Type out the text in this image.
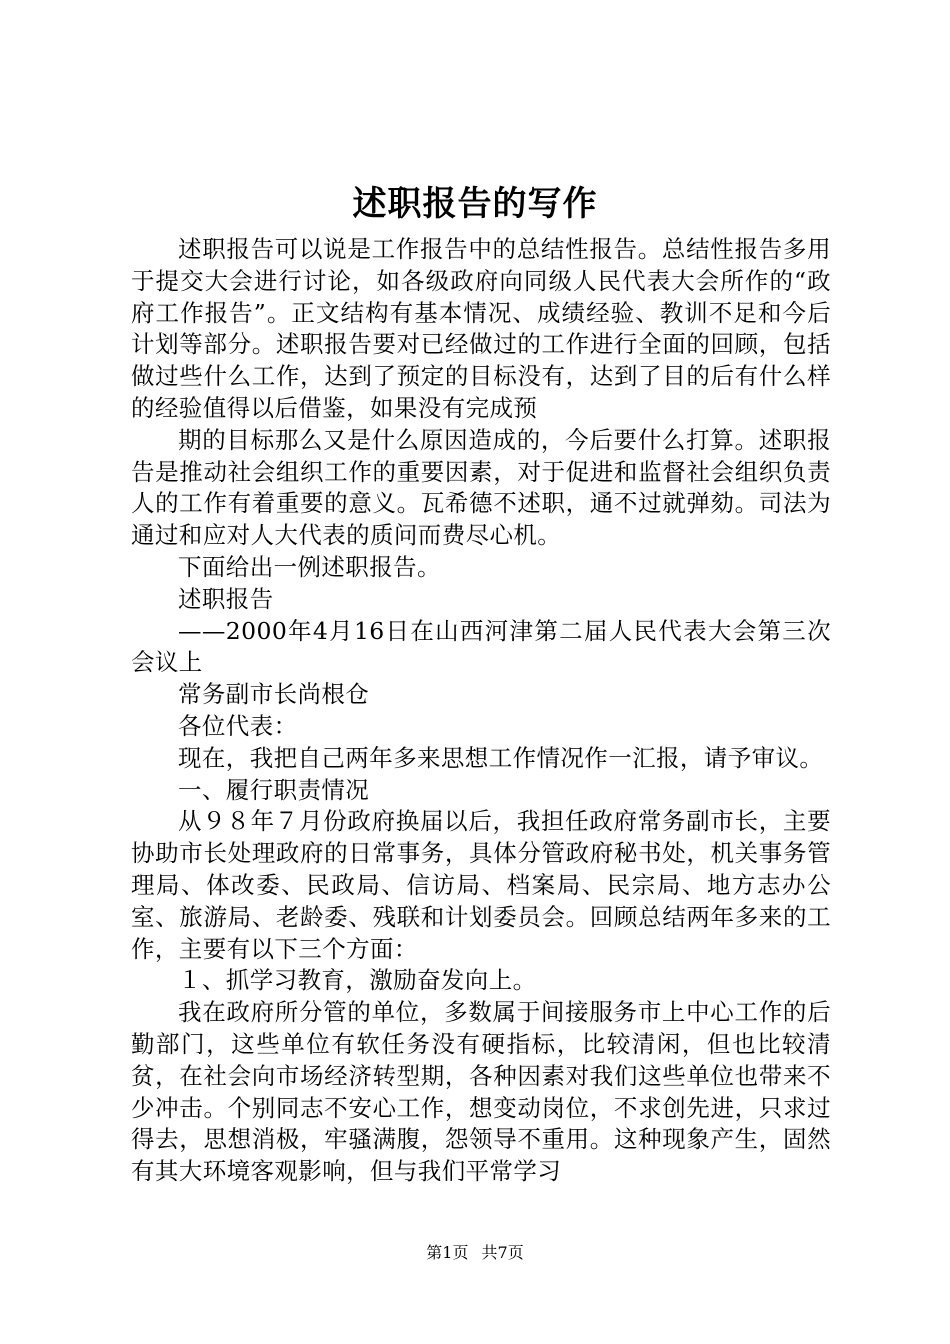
述职报告的写作

述职报告可以说是工作报告中的总结性报告。总结性报告多用于提交大会进行讨论，如各级政府向同级人民代表大会所作的“政府工作报告”。正文结构有基本情况、成绩经验、教训不足和今后计划等部分。述职报告要对已经做过的工作进行全面的回顾，包括做过些什么工作，达到了预定的目标没有，达到了目的后有什么样的经验值得以后借鉴，如果没有完成预

期的目标那么又是什么原因造成的，今后要什么打算。述职报告是推动社会组织工作的重要因素，对于促进和监督社会组织负责人的工作有着重要的意义。瓦希德不述职，通不过就弹劾。司法为通过和应对人大代表的质问而费尽心机。

下面给出一例述职报告。

述职报告

——2000年4月16日在山西河津第二届人民代表大会第三次会议上

常务副市长尚根仓

各位代表：

现在，我把自己两年多来思想工作情况作一汇报，请予审议。

一、履行职责情况

从９８年７月份政府换届以后，我担任政府常务副市长，主要协助市长处理政府的日常事务，具体分管政府秘书处，机关事务管理局、体改委、民政局、信访局、档案局、民宗局、地方志办公室、旅游局、老龄委、残联和计划委员会。回顾总结两年多来的工作，主要有以下三个方面：

１、抓学习教育，激励奋发向上。

我在政府所分管的单位，多数属于间接服务市上中心工作的后勤部门，这些单位有软任务没有硬指标，比较清闲，但也比较清贫，在社会向市场经济转型期，各种因素对我们这些单位也带来不少冲击。个别同志不安心工作，想变动岗位，不求创先进，只求过得去，思想消极，牢骚满腹，怨领导不重用。这种现象产生，固然有其大环境客观影响，但与我们平常学习

第1页 共7页
